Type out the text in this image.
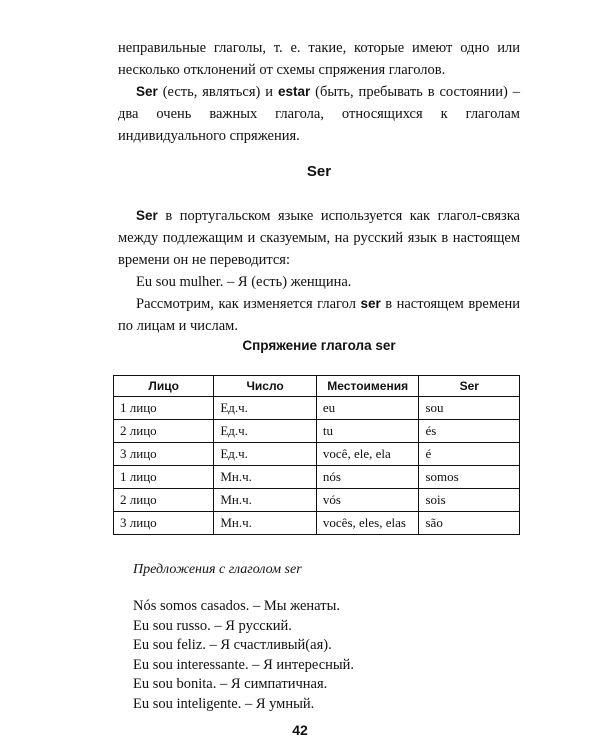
неправильные глаголы, т. е. такие, которые имеют одно или несколько отклонений от схемы спряжения глаголов.

Ser (есть, являться) и estar (быть, пребывать в состоянии) – два очень важных глагола, относящихся к глаголам индивидуального спряжения.

Ser

Ser в португальском языке используется как глагол-связка между подлежащим и сказуемым, на русский язык в настоящем времени он не переводится:

Eu sou mulher. – Я (есть) женщина.

Рассмотрим, как изменяется глагол ser в настоящем времени по лицам и числам.

Спряжение глагола ser
Лицо	Число	Местоимения	Ser
1 лицо	Ед.ч.	eu	sou
2 лицо	Ед.ч.	tu	és
3 лицо	Ед.ч.	você, ele, ela	é
1 лицо	Мн.ч.	nós	somos
2 лицо	Мн.ч.	vós	sois
3 лицо	Мн.ч.	vocês, eles, elas	são
Предложения с глаголом ser
Nós somos casados. – Мы женаты.
Eu sou russo. – Я русский.
Eu sou feliz. – Я счастливый(ая).
Eu sou interessante. – Я интересный.
Eu sou bonita. – Я симпатичная.
Eu sou inteligente. – Я умный.
42
